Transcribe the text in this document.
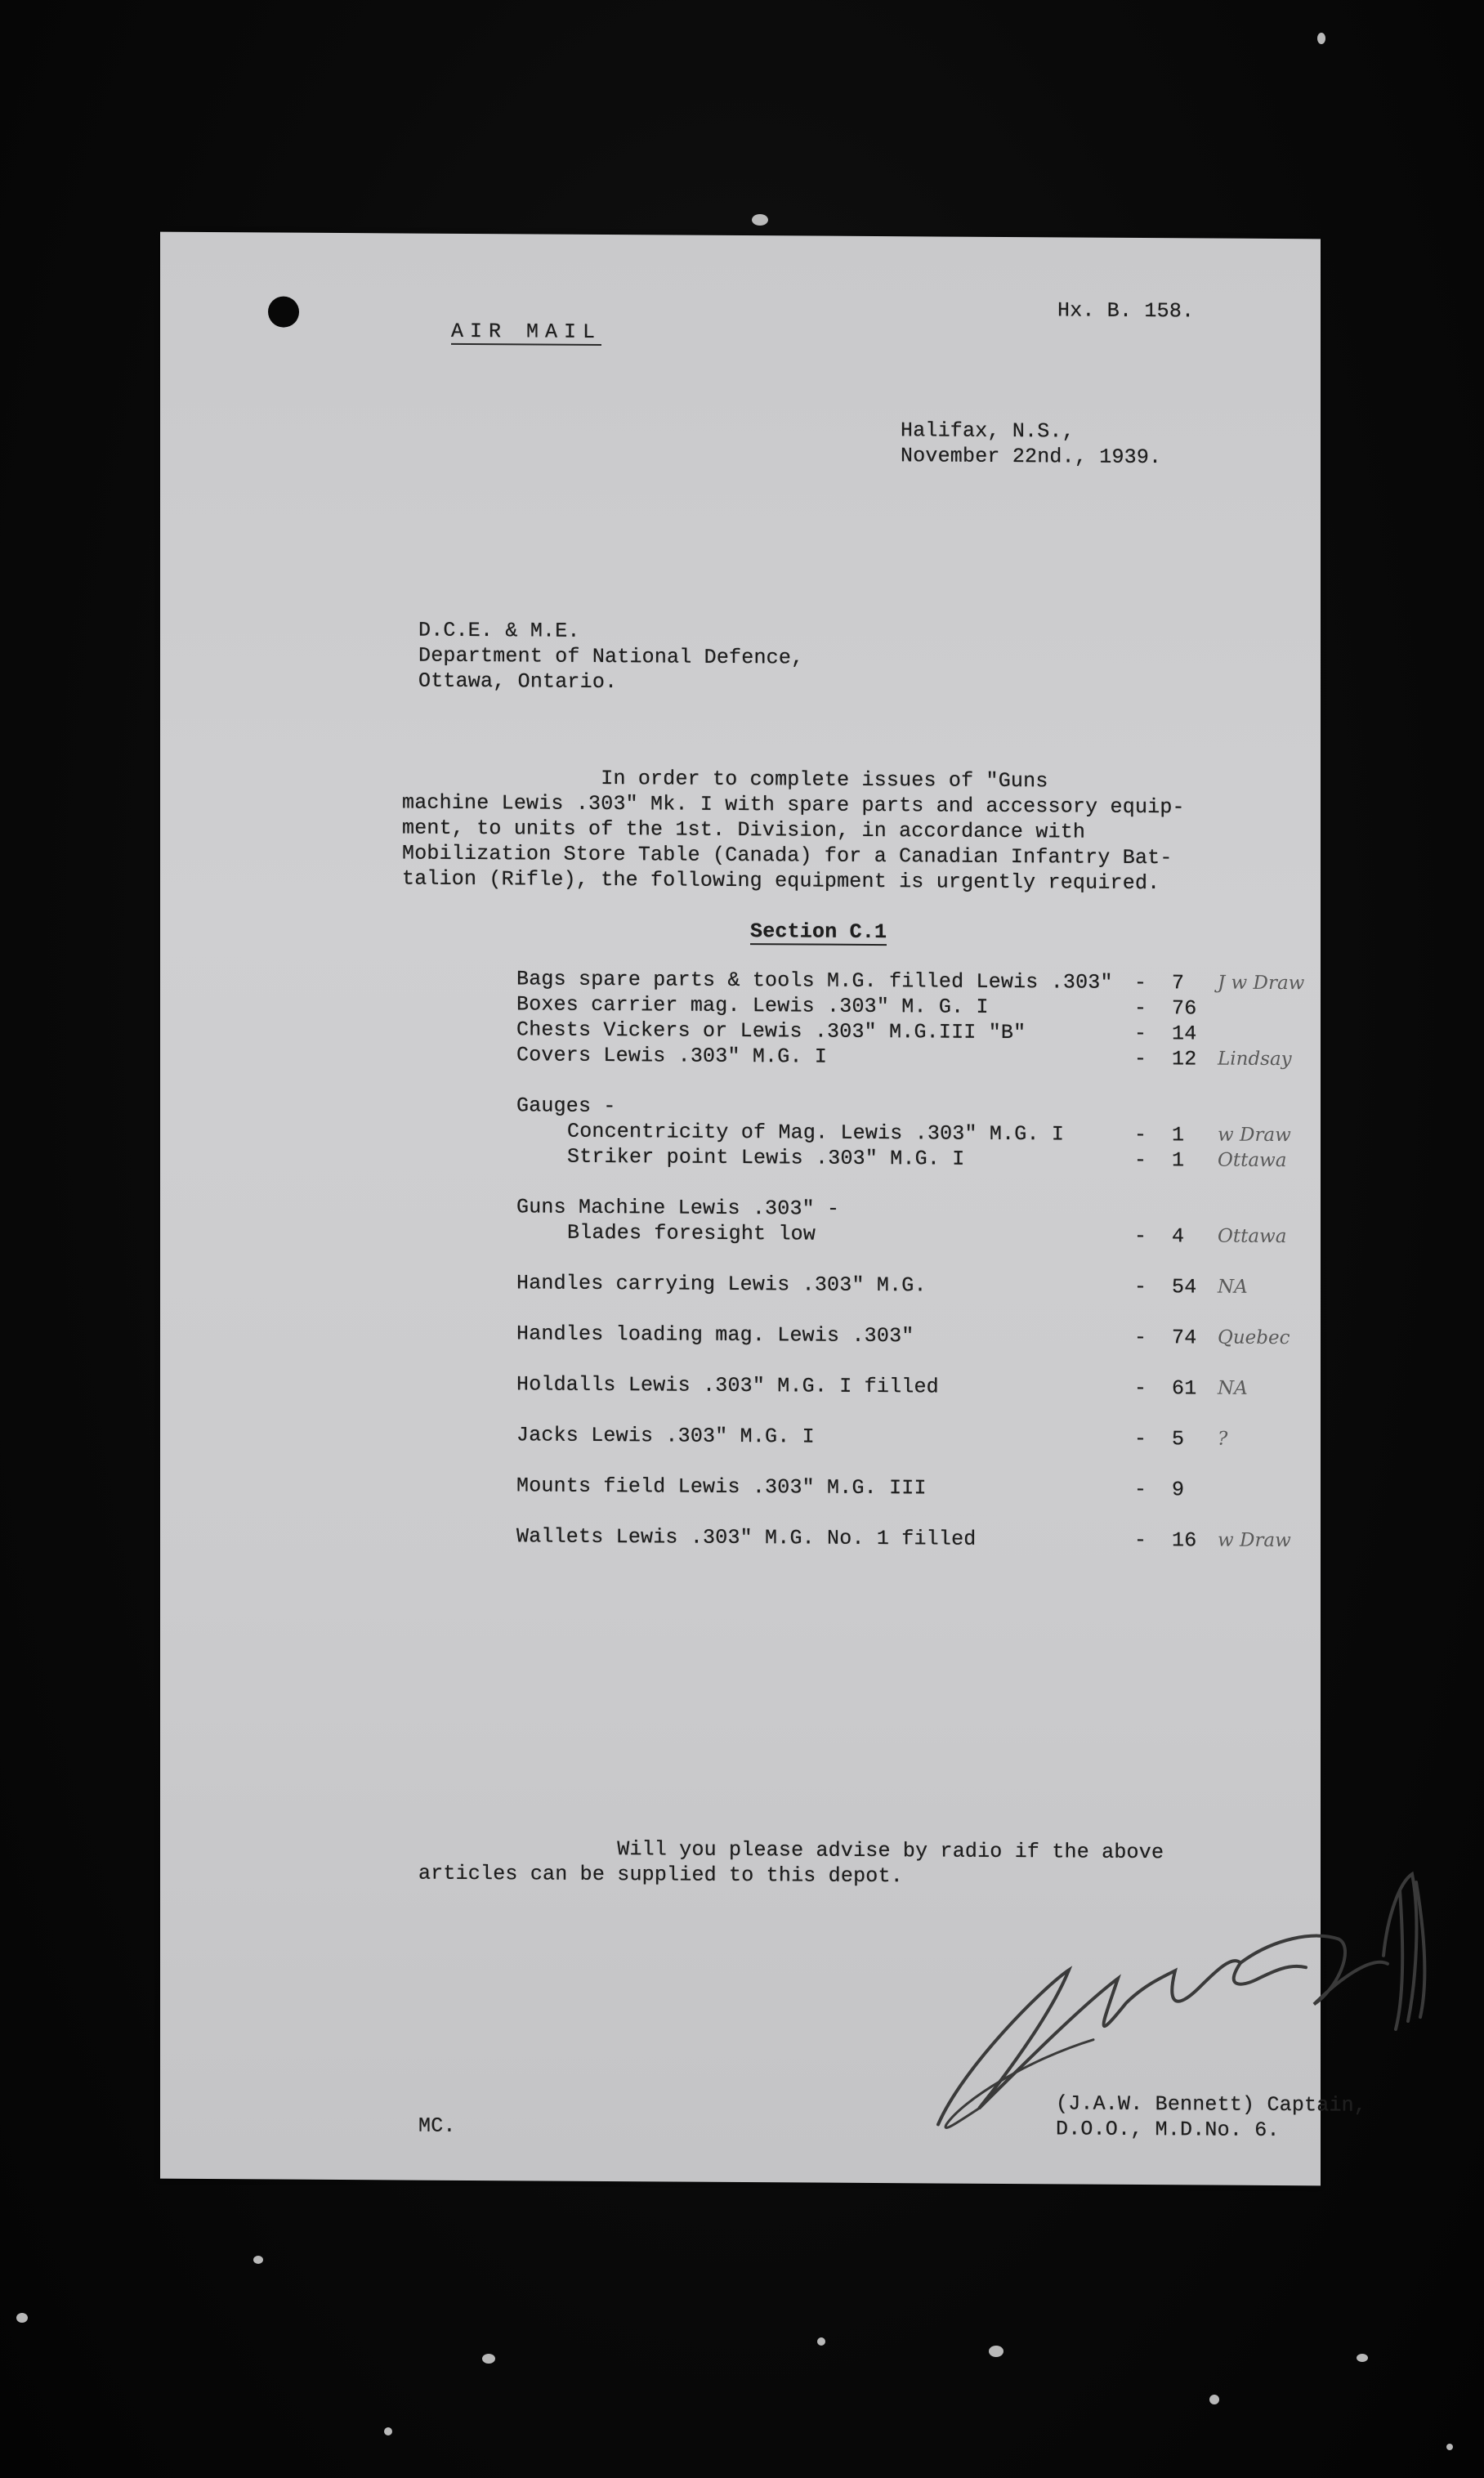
Hx. B. 158.
AIR MAIL
Halifax, N.S.,
November 22nd., 1939.
D.C.E. & M.E.
Department of National Defence,
Ottawa, Ontario.
In order to complete issues of "Guns
machine Lewis .303" Mk. I with spare parts and accessory equip-
ment, to units of the 1st. Division, in accordance with
Mobilization Store Table (Canada) for a Canadian Infantry Bat-
talion (Rifle), the following equipment is urgently required.
Section C.1
Bags spare parts & tools M.G. filled Lewis .303" - 7 J w Draw
Boxes carrier mag. Lewis .303" M. G. I	- 76
Chests Vickers or Lewis .303" M.G.III "B"	- 14
Covers Lewis .303" M.G. I	- 12 Lindsay
Gauges -
Concentricity of Mag. Lewis .303" M.G. I	- 1 w Draw
Striker point Lewis .303" M.G. I	- 1 Ottawa
Guns Machine Lewis .303" -
Blades foresight low	- 4 Ottawa
Handles carrying Lewis .303" M.G.	- 54 NA
Handles loading mag. Lewis .303"	- 74 Quebec
Holdalls Lewis .303" M.G. I filled	- 61 NA
Jacks Lewis .303" M.G. I	- 5 ?
Mounts field Lewis .303" M.G. III	- 9
Wallets Lewis .303" M.G. No. 1 filled	- 16 w Draw
Will you please advise by radio if the above
articles can be supplied to this depot.
(J.A.W. Bennett) Captain,
D.O.O., M.D.No. 6.
MC.
